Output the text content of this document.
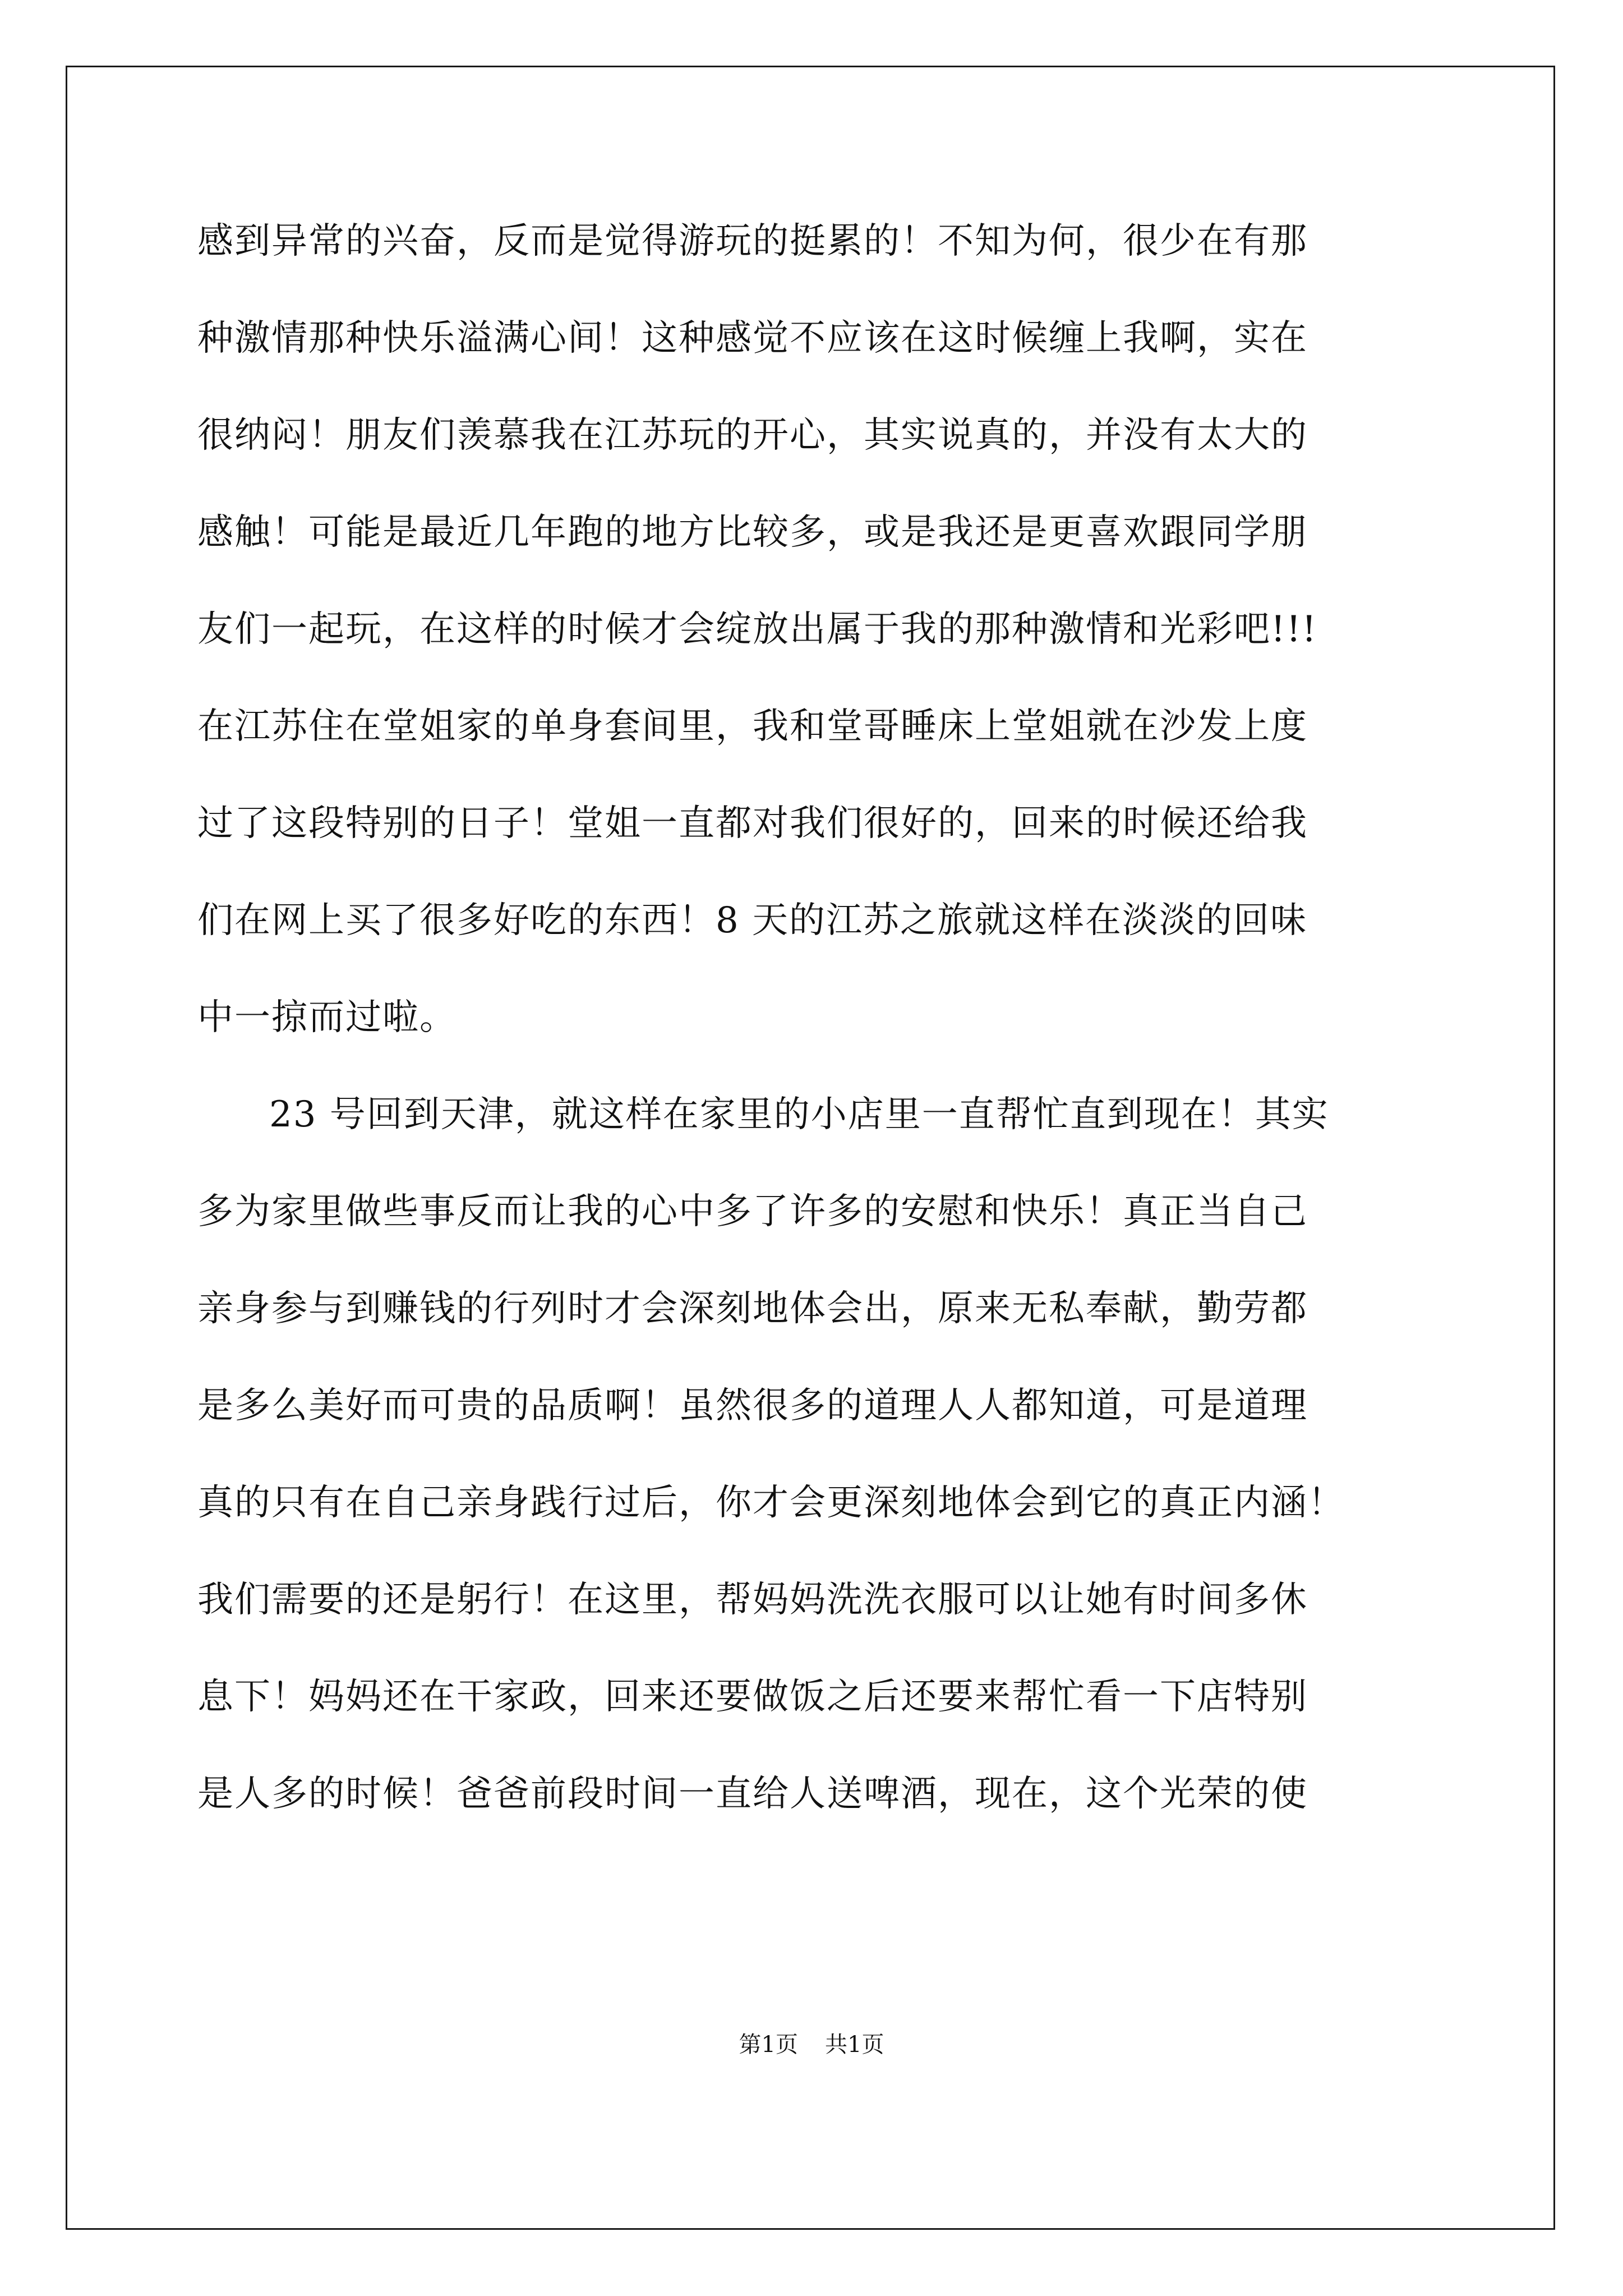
感到异常的兴奋，反而是觉得游玩的挺累的！不知为何，很少在有那

种激情那种快乐溢满心间！这种感觉不应该在这时候缠上我啊，实在

很纳闷！朋友们羡慕我在江苏玩的开心，其实说真的，并没有太大的

感触！可能是最近几年跑的地方比较多，或是我还是更喜欢跟同学朋

友们一起玩，在这样的时候才会绽放出属于我的那种激情和光彩吧!!!

在江苏住在堂姐家的单身套间里，我和堂哥睡床上堂姐就在沙发上度

过了这段特别的日子！堂姐一直都对我们很好的，回来的时候还给我

们在网上买了很多好吃的东西！8 天的江苏之旅就这样在淡淡的回味

中一掠而过啦。

23 号回到天津，就这样在家里的小店里一直帮忙直到现在！其实

多为家里做些事反而让我的心中多了许多的安慰和快乐！真正当自己

亲身参与到赚钱的行列时才会深刻地体会出，原来无私奉献，勤劳都

是多么美好而可贵的品质啊！虽然很多的道理人人都知道，可是道理

真的只有在自己亲身践行过后，你才会更深刻地体会到它的真正内涵！

我们需要的还是躬行！在这里，帮妈妈洗洗衣服可以让她有时间多休

息下！妈妈还在干家政，回来还要做饭之后还要来帮忙看一下店特别

是人多的时候！爸爸前段时间一直给人送啤酒，现在，这个光荣的使

第1页 共1页
